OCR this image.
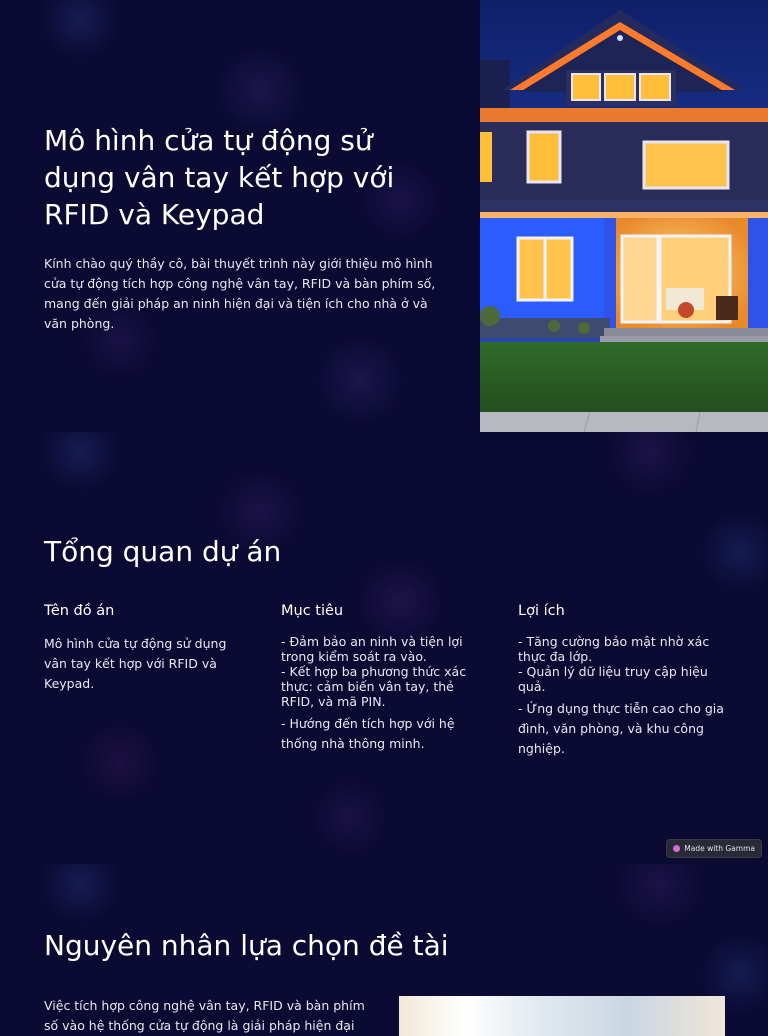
Mô hình cửa tự động sử dụng vân tay kết hợp với RFID và Keypad

Kính chào quý thầy cô, bài thuyết trình này giới thiệu mô hình cửa tự động tích hợp công nghệ vân tay, RFID và bàn phím số, mang đến giải pháp an ninh hiện đại và tiện ích cho nhà ở và văn phòng.

Tổng quan dự án
Tên đồ án

Mô hình cửa tự động sử dụng vân tay kết hợp với RFID và Keypad.

Mục tiêu

- Đảm bảo an ninh và tiện lợi trong kiểm soát ra vào.

- Kết hợp ba phương thức xác thực: cảm biến vân tay, thẻ RFID, và mã PIN.

- Hướng đến tích hợp với hệ thống nhà thông minh.

Lợi ích

- Tăng cường bảo mật nhờ xác thực đa lớp.

- Quản lý dữ liệu truy cập hiệu quả.

- Ứng dụng thực tiễn cao cho gia đình, văn phòng, và khu công nghiệp.

Made with Gamma
Nguyên nhân lựa chọn đề tài

Việc tích hợp công nghệ vân tay, RFID và bàn phím số vào hệ thống cửa tự động là giải pháp hiện đại
